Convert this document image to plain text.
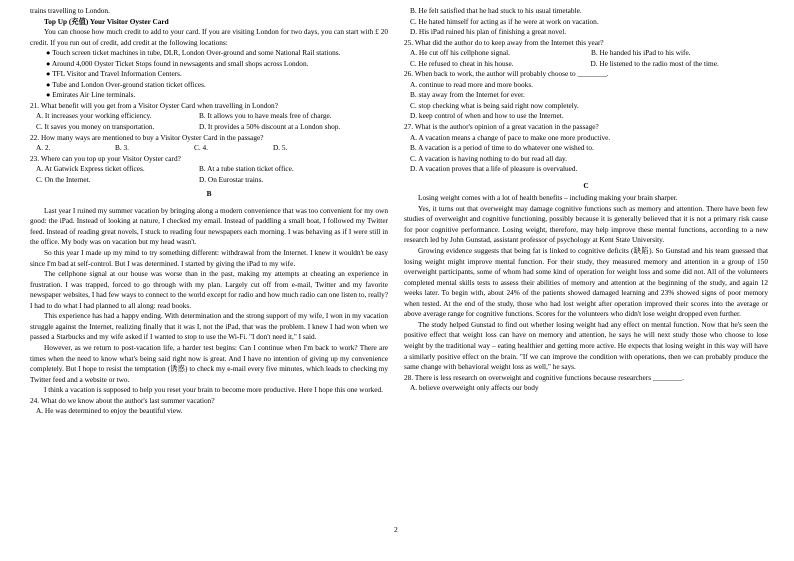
trains travelling to London.

Top Up (充值) Your Visitor Oyster Card

You can choose how much credit to add to your card. If you are visiting London for two days, you can start with £ 20 credit. If you run out of credit, add credit at the following locations:

● Touch screen ticket machines in tube, DLR, London Over-ground and some National Rail stations.

● Around 4,000 Oyster Ticket Stops found in newsagents and small shops across London.

● TFL Visitor and Travel Information Centers.

● Tube and London Over-ground station ticket offices.

● Emirates Air Line terminals.

21. What benefit will you get from a Visitor Oyster Card when travelling in London?

A. It increases your working efficiency.	B. It allows you to have meals free of charge.
C. It saves you money on transportation.	D. It provides a 50% discount at a London shop.

22. How many ways are mentioned to buy a Visitor Oyster Card in the passage?

A. 2.	B. 3.	C. 4.	D. 5.

23. Where can you top up your Visitor Oyster card?

A. At Gatwick Express ticket offices.	B. At a tube station ticket office.
C. On the Internet.	D. On Eurostar trains.

B

Last year I ruined my summer vacation by bringing along a modern convenience that was too convenient for my own good: the iPad. Instead of looking at nature, I checked my email. Instead of paddling a small boat, I followed my Twitter feed. Instead of reading great novels, I stuck to reading four newspapers each morning. I was behaving as if I were still in the office. My body was on vacation but my head wasn't.

So this year I made up my mind to try something different: withdrawal from the Internet. I knew it wouldn't be easy since I'm bad at self-control. But I was determined. I started by giving the iPad to my wife.

The cellphone signal at our house was worse than in the past, making my attempts at cheating an experience in frustration. I was trapped, forced to go through with my plan. Largely cut off from e-mail, Twitter and my favorite newspaper websites, I had few ways to connect to the world except for radio and how much radio can one listen to, really? I had to do what I had planned to all along: read books.

This experience has had a happy ending. With determination and the strong support of my wife, I won in my vacation struggle against the Internet, realizing finally that it was I, not the iPad, that was the problem. I knew I had won when we passed a Starbucks and my wife asked if I wanted to stop to use the Wi-Fi. "I don't need it," I said.

However, as we return to post-vacation life, a harder test begins: Can I continue when I'm back to work? There are times when the need to know what's being said right now is great. And I have no intention of giving up my convenience completely. But I hope to resist the temptation (诱惑) to check my e-mail every five minutes, which leads to checking my Twitter feed and a website or two.

I think a vacation is supposed to help you reset your brain to become more productive. Here I hope this one worked.

24. What do we know about the author's last summer vacation?

A. He was determined to enjoy the beautiful view.

B. He felt satisfied that he had stuck to his usual timetable.

C. He hated himself for acting as if he were at work on vacation.

D. His iPad ruined his plan of finishing a great novel.

25. What did the author do to keep away from the Internet this year?

A. He cut off his cellphone signal.	B. He handed his iPad to his wife.
C. He refused to cheat in his house.	D. He listened to the radio most of the time.

26. When back to work, the author will probably choose to ________.

A. continue to read more and more books.

B. stay away from the Internet for ever.

C. stop checking what is being said right now completely.

D. keep control of when and how to use the Internet.

27. What is the author's opinion of a great vacation in the passage?

A. A vacation means a change of pace to make one more productive.

B. A vacation is a period of time to do whatever one wished to.

C. A vacation is having nothing to do but read all day.

D. A vacation proves that a life of pleasure is overvalued.

C

Losing weight comes with a lot of health benefits – including making your brain sharper.

Yes, it turns out that overweight may damage cognitive functions such as memory and attention. There have been few studies of overweight and cognitive functioning, possibly because it is generally believed that it is not a primary risk cause for poor cognitive performance. Losing weight, therefore, may help improve these mental functions, according to a new research led by John Gunstad, assistant professor of psychology at Kent State University.

Growing evidence suggests that being fat is linked to cognitive deficits (缺陷). So Gunstad and his team guessed that losing weight might improve mental function. For their study, they measured memory and attention in a group of 150 overweight participants, some of whom had some kind of operation for weight loss and some did not. All of the volunteers completed mental skills tests to assess their abilities of memory and attention at the beginning of the study, and again 12 weeks later. To begin with, about 24% of the patients showed damaged learning and 23% showed signs of poor memory when tested. At the end of the study, those who had lost weight after operation improved their scores into the average or above average range for cognitive functions. Scores for the volunteers who didn't lose weight dropped even further.

The study helped Gunstad to find out whether losing weight had any effect on mental function. Now that he's seen the positive effect that weight loss can have on memory and attention, he says he will next study those who choose to lose weight by the traditional way – eating healthier and getting more active. He expects that losing weight in this way will have a similarly positive effect on the brain. "If we can improve the condition with operations, then we can probably produce the same change with behavioral weight loss as well," he says.

28. There is less research on overweight and cognitive functions because researchers ________.

A. believe overweight only affects our body

2
